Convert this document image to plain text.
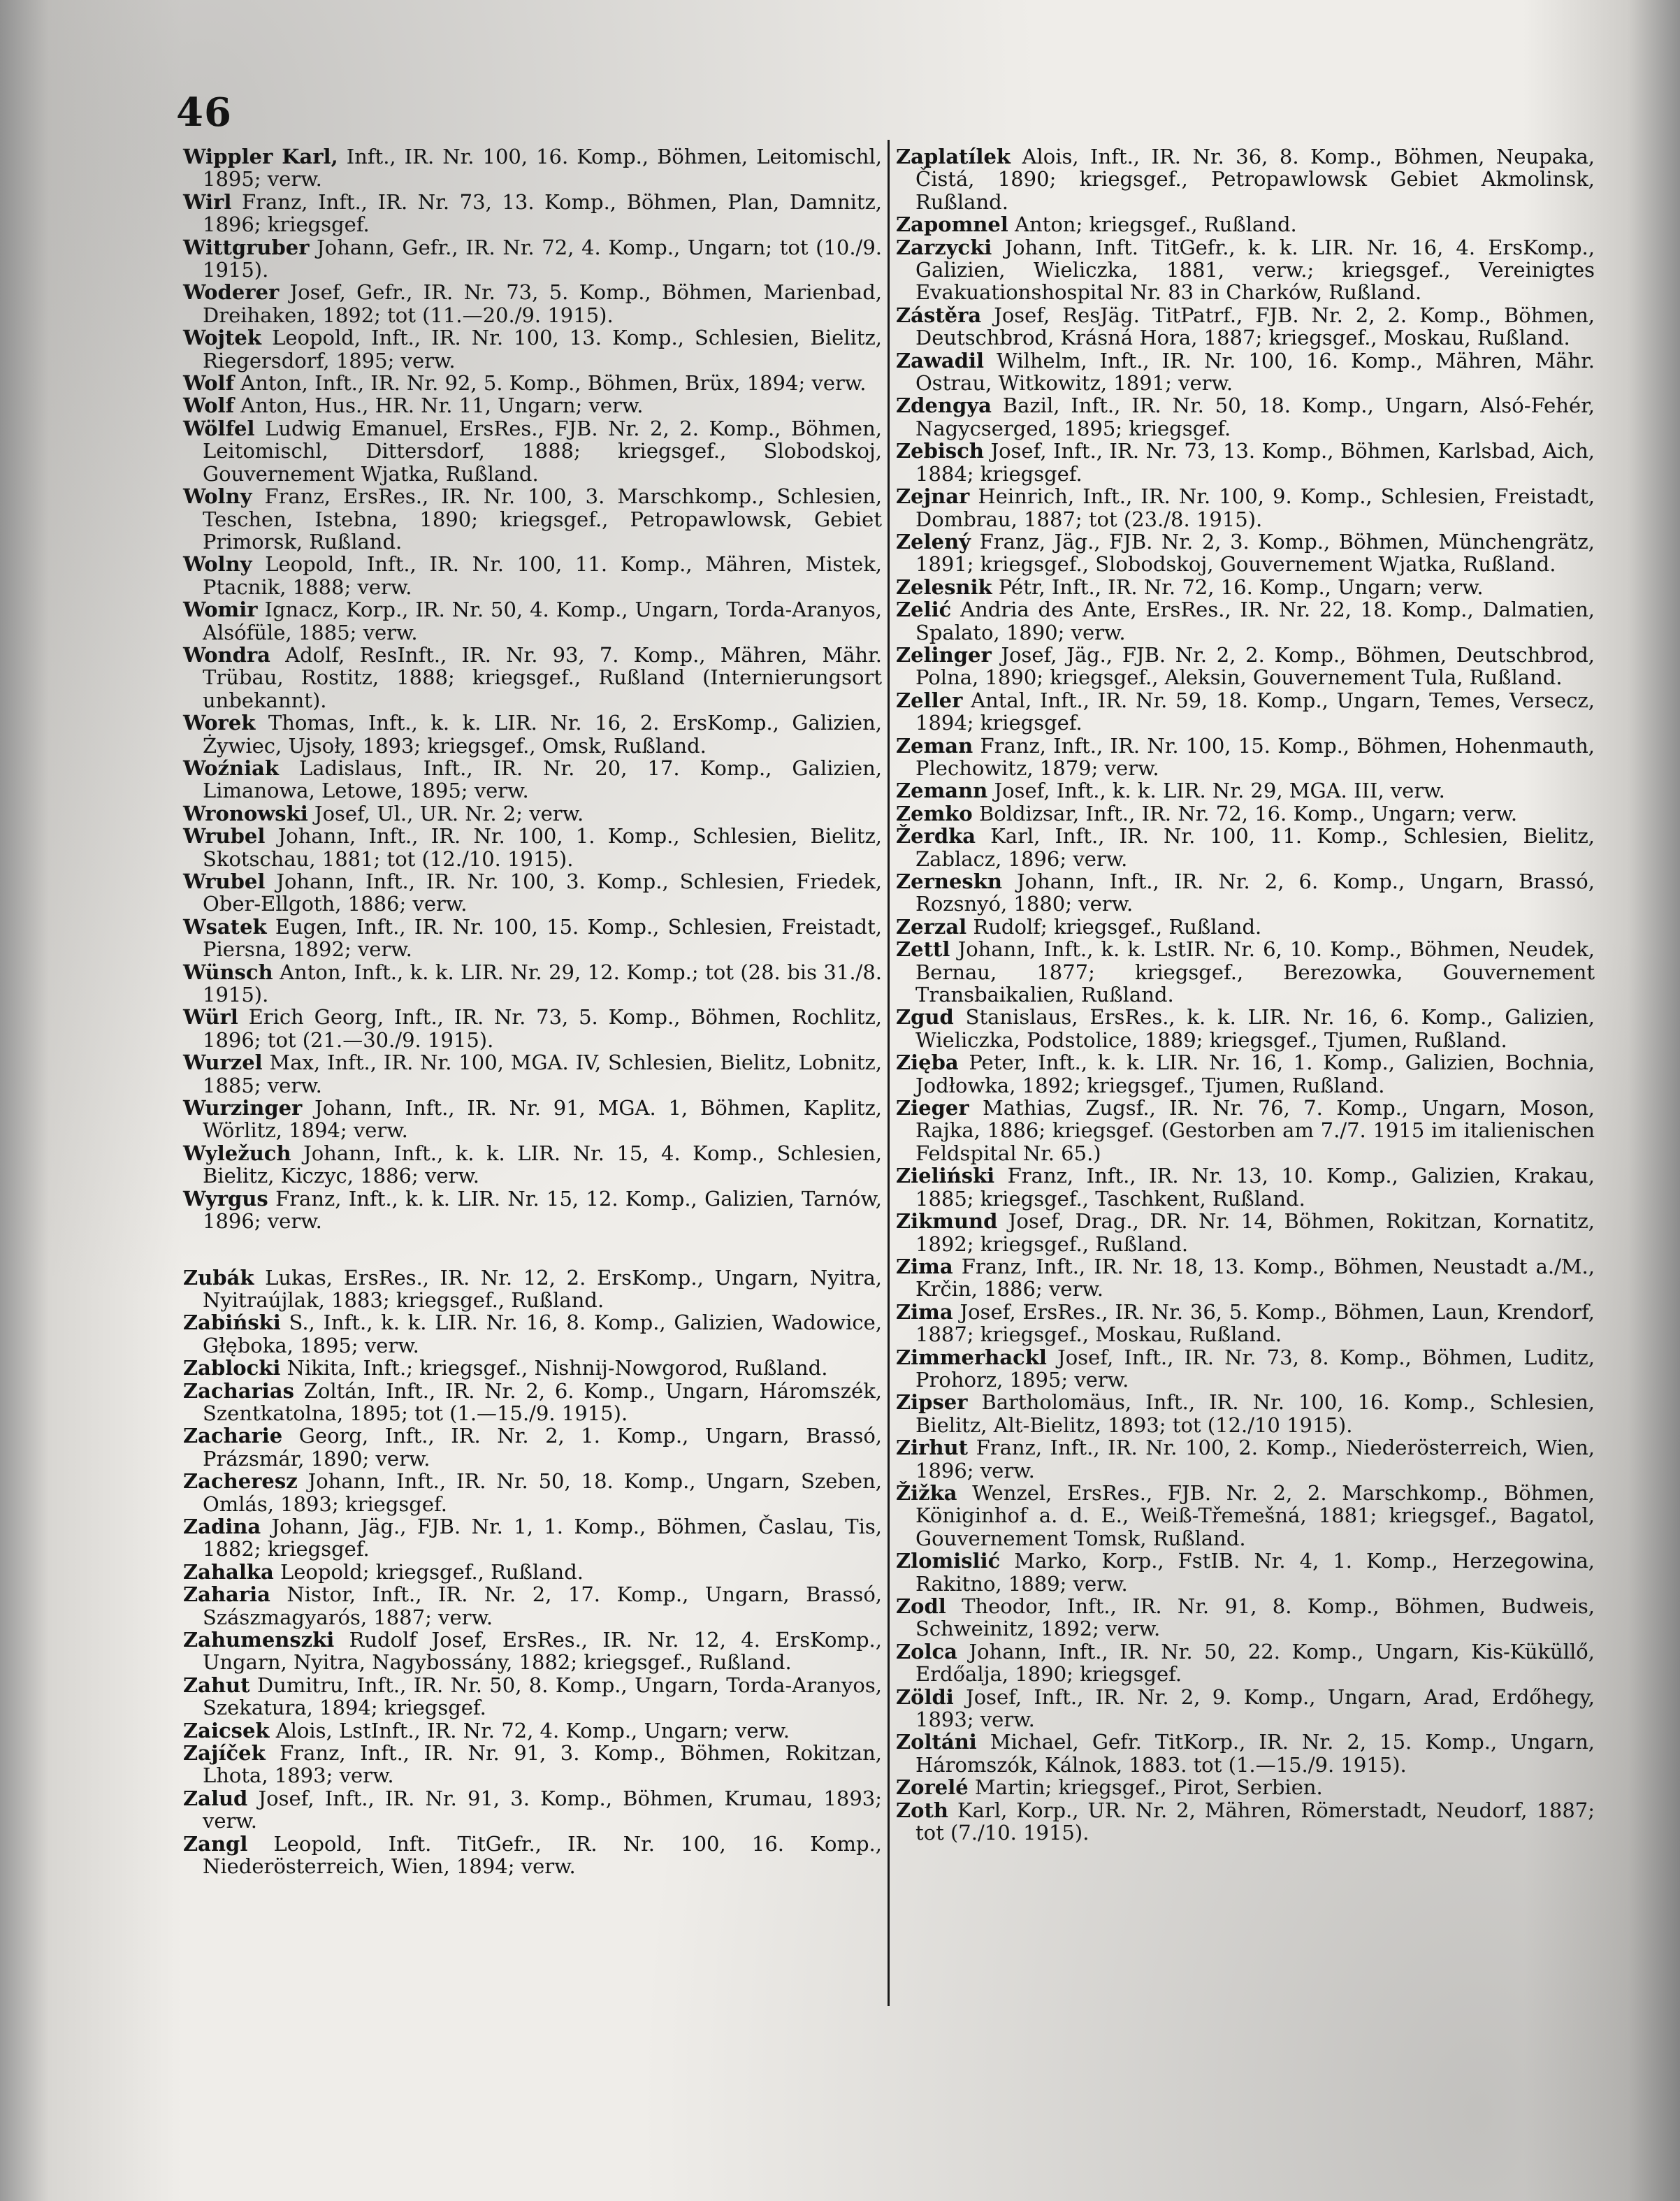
46
Wippler Karl, Inft., IR. Nr. 100, 16. Komp., Böhmen, Leitomischl, 1895; verw.
Wirl Franz, Inft., IR. Nr. 73, 13. Komp., Böhmen, Plan, Damnitz, 1896; kriegsgef.
Wittgruber Johann, Gefr., IR. Nr. 72, 4. Komp., Ungarn; tot (10./9. 1915).
Woderer Josef, Gefr., IR. Nr. 73, 5. Komp., Böhmen, Marienbad, Dreihaken, 1892; tot (11.—20./9. 1915).
Wojtek Leopold, Inft., IR. Nr. 100, 13. Komp., Schlesien, Bielitz, Riegersdorf, 1895; verw.
Wolf Anton, Inft., IR. Nr. 92, 5. Komp., Böhmen, Brüx, 1894; verw.
Wolf Anton, Hus., HR. Nr. 11, Ungarn; verw.
Wölfel Ludwig Emanuel, ErsRes., FJB. Nr. 2, 2. Komp., Böhmen, Leitomischl, Dittersdorf, 1888; kriegsgef., Slobodskoj, Gouvernement Wjatka, Rußland.
Wolny Franz, ErsRes., IR. Nr. 100, 3. Marschkomp., Schlesien, Teschen, Istebna, 1890; kriegsgef., Petropawlowsk, Gebiet Primorsk, Rußland.
Wolny Leopold, Inft., IR. Nr. 100, 11. Komp., Mähren, Mistek, Ptacnik, 1888; verw.
Womir Ignacz, Korp., IR. Nr. 50, 4. Komp., Ungarn, Torda-Aranyos, Alsófüle, 1885; verw.
Wondra Adolf, ResInft., IR. Nr. 93, 7. Komp., Mähren, Mähr. Trübau, Rostitz, 1888; kriegsgef., Rußland (Internierungsort unbekannt).
Worek Thomas, Inft., k. k. LIR. Nr. 16, 2. ErsKomp., Galizien, Żywiec, Ujsoły, 1893; kriegsgef., Omsk, Rußland.
Woźniak Ladislaus, Inft., IR. Nr. 20, 17. Komp., Galizien, Limanowa, Letowe, 1895; verw.
Wronowski Josef, Ul., UR. Nr. 2; verw.
Wrubel Johann, Inft., IR. Nr. 100, 1. Komp., Schlesien, Bielitz, Skotschau, 1881; tot (12./10. 1915).
Wrubel Johann, Inft., IR. Nr. 100, 3. Komp., Schlesien, Friedek, Ober-Ellgoth, 1886; verw.
Wsatek Eugen, Inft., IR. Nr. 100, 15. Komp., Schlesien, Freistadt, Piersna, 1892; verw.
Wünsch Anton, Inft., k. k. LIR. Nr. 29, 12. Komp.; tot (28. bis 31./8. 1915).
Würl Erich Georg, Inft., IR. Nr. 73, 5. Komp., Böhmen, Rochlitz, 1896; tot (21.—30./9. 1915).
Wurzel Max, Inft., IR. Nr. 100, MGA. IV, Schlesien, Bielitz, Lobnitz, 1885; verw.
Wurzinger Johann, Inft., IR. Nr. 91, MGA. 1, Böhmen, Kaplitz, Wörlitz, 1894; verw.
Wyležuch Johann, Inft., k. k. LIR. Nr. 15, 4. Komp., Schlesien, Bielitz, Kiczyc, 1886; verw.
Wyrgus Franz, Inft., k. k. LIR. Nr. 15, 12. Komp., Galizien, Tarnów, 1896; verw.
Zubák Lukas, ErsRes., IR. Nr. 12, 2. ErsKomp., Ungarn, Nyitra, Nyitraújlak, 1883; kriegsgef., Rußland.
Zabiński S., Inft., k. k. LIR. Nr. 16, 8. Komp., Galizien, Wadowice, Głęboka, 1895; verw.
Zablocki Nikita, Inft.; kriegsgef., Nishnij-Nowgorod, Rußland.
Zacharias Zoltán, Inft., IR. Nr. 2, 6. Komp., Ungarn, Háromszék, Szentkatolna, 1895; tot (1.—15./9. 1915).
Zacharie Georg, Inft., IR. Nr. 2, 1. Komp., Ungarn, Brassó, Prázsmár, 1890; verw.
Zacheresz Johann, Inft., IR. Nr. 50, 18. Komp., Ungarn, Szeben, Omlás, 1893; kriegsgef.
Zadina Johann, Jäg., FJB. Nr. 1, 1. Komp., Böhmen, Časlau, Tis, 1882; kriegsgef.
Zahalka Leopold; kriegsgef., Rußland.
Zaharia Nistor, Inft., IR. Nr. 2, 17. Komp., Ungarn, Brassó, Szászmagyarós, 1887; verw.
Zahumenszki Rudolf Josef, ErsRes., IR. Nr. 12, 4. ErsKomp., Ungarn, Nyitra, Nagybossány, 1882; kriegsgef., Rußland.
Zahut Dumitru, Inft., IR. Nr. 50, 8. Komp., Ungarn, Torda-Aranyos, Szekatura, 1894; kriegsgef.
Zaicsek Alois, LstInft., IR. Nr. 72, 4. Komp., Ungarn; verw.
Zajíček Franz, Inft., IR. Nr. 91, 3. Komp., Böhmen, Rokitzan, Lhota, 1893; verw.
Zalud Josef, Inft., IR. Nr. 91, 3. Komp., Böhmen, Krumau, 1893; verw.
Zangl Leopold, Inft. TitGefr., IR. Nr. 100, 16. Komp., Niederösterreich, Wien, 1894; verw.
Zaplatílek Alois, Inft., IR. Nr. 36, 8. Komp., Böhmen, Neupaka, Čistá, 1890; kriegsgef., Petropawlowsk Gebiet Akmolinsk, Rußland.
Zapomnel Anton; kriegsgef., Rußland.
Zarzycki Johann, Inft. TitGefr., k. k. LIR. Nr. 16, 4. ErsKomp., Galizien, Wieliczka, 1881, verw.; kriegsgef., Vereinigtes Evakuationshospital Nr. 83 in Charków, Rußland.
Zástěra Josef, ResJäg. TitPatrf., FJB. Nr. 2, 2. Komp., Böhmen, Deutschbrod, Krásná Hora, 1887; kriegsgef., Moskau, Rußland.
Zawadil Wilhelm, Inft., IR. Nr. 100, 16. Komp., Mähren, Mähr. Ostrau, Witkowitz, 1891; verw.
Zdengya Bazil, Inft., IR. Nr. 50, 18. Komp., Ungarn, Alsó-Fehér, Nagycserged, 1895; kriegsgef.
Zebisch Josef, Inft., IR. Nr. 73, 13. Komp., Böhmen, Karlsbad, Aich, 1884; kriegsgef.
Zejnar Heinrich, Inft., IR. Nr. 100, 9. Komp., Schlesien, Freistadt, Dombrau, 1887; tot (23./8. 1915).
Zelený Franz, Jäg., FJB. Nr. 2, 3. Komp., Böhmen, Münchengrätz, 1891; kriegsgef., Slobodskoj, Gouvernement Wjatka, Rußland.
Zelesnik Pétr, Inft., IR. Nr. 72, 16. Komp., Ungarn; verw.
Zelić Andria des Ante, ErsRes., IR. Nr. 22, 18. Komp., Dalmatien, Spalato, 1890; verw.
Zelinger Josef, Jäg., FJB. Nr. 2, 2. Komp., Böhmen, Deutschbrod, Polna, 1890; kriegsgef., Aleksin, Gouvernement Tula, Rußland.
Zeller Antal, Inft., IR. Nr. 59, 18. Komp., Ungarn, Temes, Versecz, 1894; kriegsgef.
Zeman Franz, Inft., IR. Nr. 100, 15. Komp., Böhmen, Hohenmauth, Plechowitz, 1879; verw.
Zemann Josef, Inft., k. k. LIR. Nr. 29, MGA. III, verw.
Zemko Boldizsar, Inft., IR. Nr. 72, 16. Komp., Ungarn; verw.
Žerdka Karl, Inft., IR. Nr. 100, 11. Komp., Schlesien, Bielitz, Zablacz, 1896; verw.
Zerneskn Johann, Inft., IR. Nr. 2, 6. Komp., Ungarn, Brassó, Rozsnyó, 1880; verw.
Zerzal Rudolf; kriegsgef., Rußland.
Zettl Johann, Inft., k. k. LstIR. Nr. 6, 10. Komp., Böhmen, Neudek, Bernau, 1877; kriegsgef., Berezowka, Gouvernement Transbaikalien, Rußland.
Zgud Stanislaus, ErsRes., k. k. LIR. Nr. 16, 6. Komp., Galizien, Wieliczka, Podstolice, 1889; kriegsgef., Tjumen, Rußland.
Zięba Peter, Inft., k. k. LIR. Nr. 16, 1. Komp., Galizien, Bochnia, Jodłowka, 1892; kriegsgef., Tjumen, Rußland.
Zieger Mathias, Zugsf., IR. Nr. 76, 7. Komp., Ungarn, Moson, Rajka, 1886; kriegsgef. (Gestorben am 7./7. 1915 im italienischen Feldspital Nr. 65.)
Zieliński Franz, Inft., IR. Nr. 13, 10. Komp., Galizien, Krakau, 1885; kriegsgef., Taschkent, Rußland.
Zikmund Josef, Drag., DR. Nr. 14, Böhmen, Rokitzan, Kornatitz, 1892; kriegsgef., Rußland.
Zima Franz, Inft., IR. Nr. 18, 13. Komp., Böhmen, Neustadt a./M., Krčin, 1886; verw.
Zima Josef, ErsRes., IR. Nr. 36, 5. Komp., Böhmen, Laun, Krendorf, 1887; kriegsgef., Moskau, Rußland.
Zimmerhackl Josef, Inft., IR. Nr. 73, 8. Komp., Böhmen, Luditz, Prohorz, 1895; verw.
Zipser Bartholomäus, Inft., IR. Nr. 100, 16. Komp., Schlesien, Bielitz, Alt-Bielitz, 1893; tot (12./10 1915).
Zirhut Franz, Inft., IR. Nr. 100, 2. Komp., Niederösterreich, Wien, 1896; verw.
Žižka Wenzel, ErsRes., FJB. Nr. 2, 2. Marschkomp., Böhmen, Königinhof a. d. E., Weiß-Třemešná, 1881; kriegsgef., Bagatol, Gouvernement Tomsk, Rußland.
Zlomislić Marko, Korp., FstIB. Nr. 4, 1. Komp., Herzegowina, Rakitno, 1889; verw.
Zodl Theodor, Inft., IR. Nr. 91, 8. Komp., Böhmen, Budweis, Schweinitz, 1892; verw.
Zolca Johann, Inft., IR. Nr. 50, 22. Komp., Ungarn, Kis-Küküllő, Erdőalja, 1890; kriegsgef.
Zöldi Josef, Inft., IR. Nr. 2, 9. Komp., Ungarn, Arad, Erdőhegy, 1893; verw.
Zoltáni Michael, Gefr. TitKorp., IR. Nr. 2, 15. Komp., Ungarn, Háromszók, Kálnok, 1883. tot (1.—15./9. 1915).
Zorelé Martin; kriegsgef., Pirot, Serbien.
Zoth Karl, Korp., UR. Nr. 2, Mähren, Römerstadt, Neudorf, 1887; tot (7./10. 1915).
